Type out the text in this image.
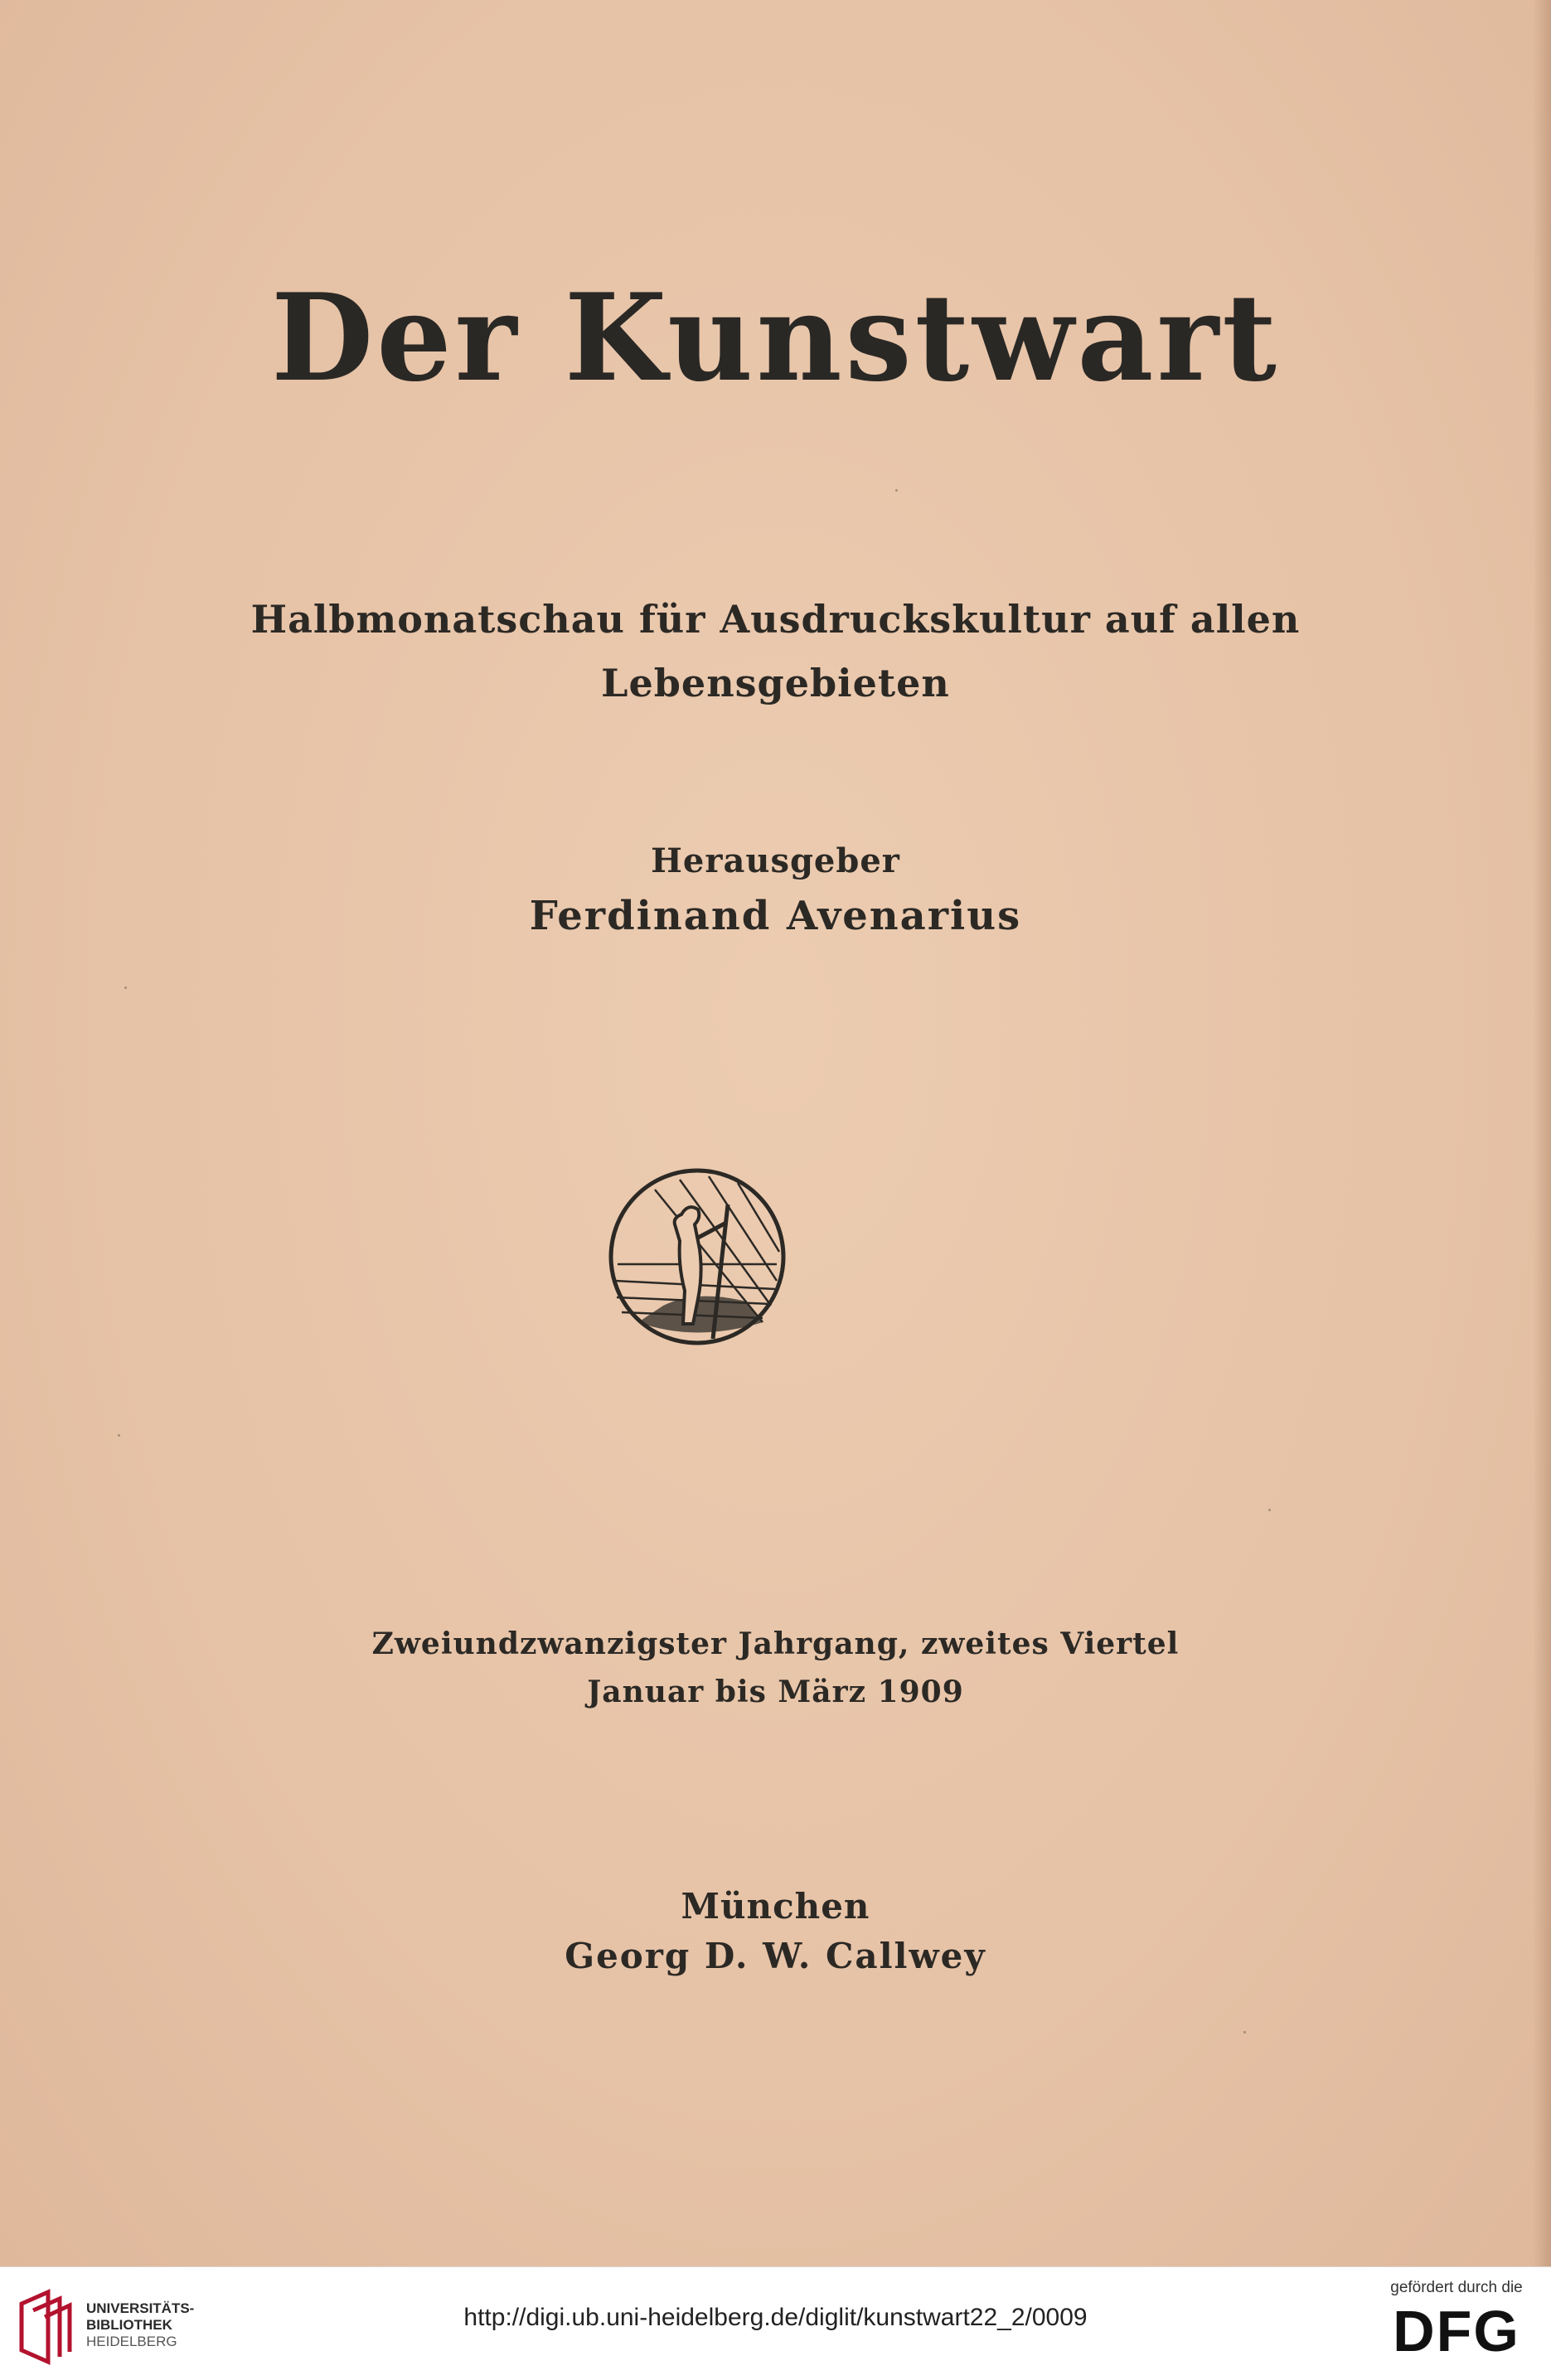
Der Kunstwart
Halbmonatschau für Ausdruckskultur auf allen
Lebensgebieten
Herausgeber
Ferdinand Avenarius
Zweiundzwanzigster Jahrgang, zweites Viertel
Januar bis März 1909
München
Georg D. W. Callwey
UNIVERSITÄTS-
BIBLIOTHEK
HEIDELBERG
http://digi.ub.uni-heidelberg.de/diglit/kunstwart22_2/0009
gefördert durch die
DFG
